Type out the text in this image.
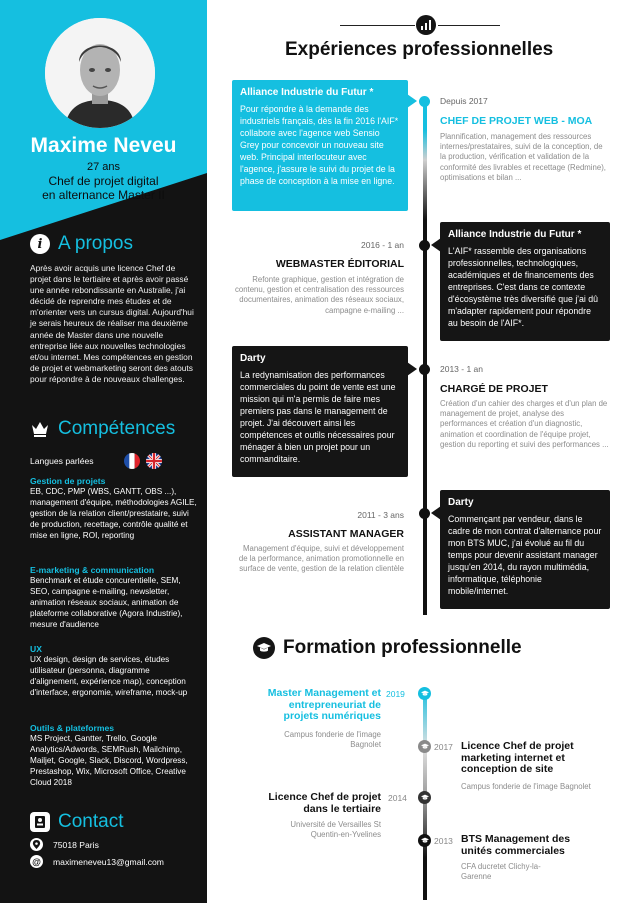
Maxime Neveu
27 ans
Chef de projet digital
en alternance Master II
i A propos
Après avoir acquis une licence Chef de projet dans le tertiaire et après avoir passé une année rebondissante en Australie, j'ai décidé de reprendre mes études et de m'orienter vers un cursus digital. Aujourd'hui je serais heureux de réaliser ma deuxième année de Master dans une nouvelle entreprise liée aux nouvelles technologies et/ou internet. Mes compétences en gestion de projet et webmarketing seront des atouts pour répondre à de nouveaux challenges.
Compétences
Langues parlées
Gestion de projets
EB, CDC, PMP (WBS, GANTT, OBS ...), management d'équipe, méthodologies AGILE, gestion de la relation client/prestataire, suivi de production, recettage, contrôle qualité et mise en ligne, ROI, reporting
E-marketing & communication
Benchmark et étude concurentielle, SEM, SEO, campagne e-mailing, newsletter, animation réseaux sociaux, animation de plateforme collaborative (Agora Industrie), mesure d'audience
UX
UX design, design de services, études utilisateur (personna, diagramme d'alignement, expérience map), conception d'interface, ergonomie, wireframe, mock-up
Outils & plateformes
MS Project, Gantter, Trello, Google Analytics/Adwords, SEMRush, Mailchimp, Mailjet, Google, Slack, Discord, Wordpress, Prestashop, Wix, Microsoft Office, Creative Cloud 2018
Contact
75018 Paris
@ maximeneveu13@gmail.com
Expériences professionnelles
Alliance Industrie du Futur *
Pour répondre à la demande des industriels français, dès la fin 2016 l'AIF* collabore avec l'agence web Sensio Grey pour concevoir un nouveau site web. Principal interlocuteur avec l'agence, j'assure le suivi du projet de la phase de conception à la mise en ligne.
Depuis 2017
CHEF DE PROJET WEB - MOA
Plannification, management des ressources internes/prestataires, suivi de la conception, de la production, vérification et validation de la conformité des livrables et recettage (Redmine), optimisations et bilan ...
2016 - 1 an
WEBMASTER ÉDITORIAL
Refonte graphique, gestion et intégration de contenu, gestion et centralisation des ressources documentaires, animation des réseaux sociaux, campagne e-mailing ...
Alliance Industrie du Futur *
L'AIF* rassemble des organisations professionnelles, technologiques, académiques et de financements des entreprises. C'est dans ce contexte d'écosystème très diversifié que j'ai dû m'adapter rapidement pour répondre au besoin de l'AIF*.
Darty
La redynamisation des performances commerciales du point de vente est une mission qui m'a permis de faire mes premiers pas dans le management de projet. J'ai découvert ainsi les compétences et outils nécessaires pour ménager à bien un projet pour un commanditaire.
2013 - 1 an
CHARGÉ DE PROJET
Création d'un cahier des charges et d'un plan de management de projet, analyse des performances et création d'un diagnostic, animation et coordination de l'équipe projet, gestion du reporting et suivi des performances ...
2011 - 3 ans
ASSISTANT MANAGER
Management d'équipe, suivi et développement de la performance, animation promotionnelle en surface de vente, gestion de la relation clientèle
Darty
Commençant par vendeur, dans le cadre de mon contrat d'alternance pour mon BTS MUC, j'ai évolué au fil du temps pour devenir assistant manager jusqu'en 2014, du rayon multimédia, informatique, téléphonie mobile/internet.
Formation professionnelle
2019
Master Management et entrepreneuriat de projets numériques
Campus fonderie de l'image Bagnolet	2017 Licence Chef de projet marketing internet et conception de site
Campus fonderie de l'image Bagnolet
2014
Licence Chef de projet dans le tertiaire
Université de Versailles St Quentin-en-Yvelines
2013 BTS Management des unités commerciales
CFA ducretet Clichy-la-Garenne
